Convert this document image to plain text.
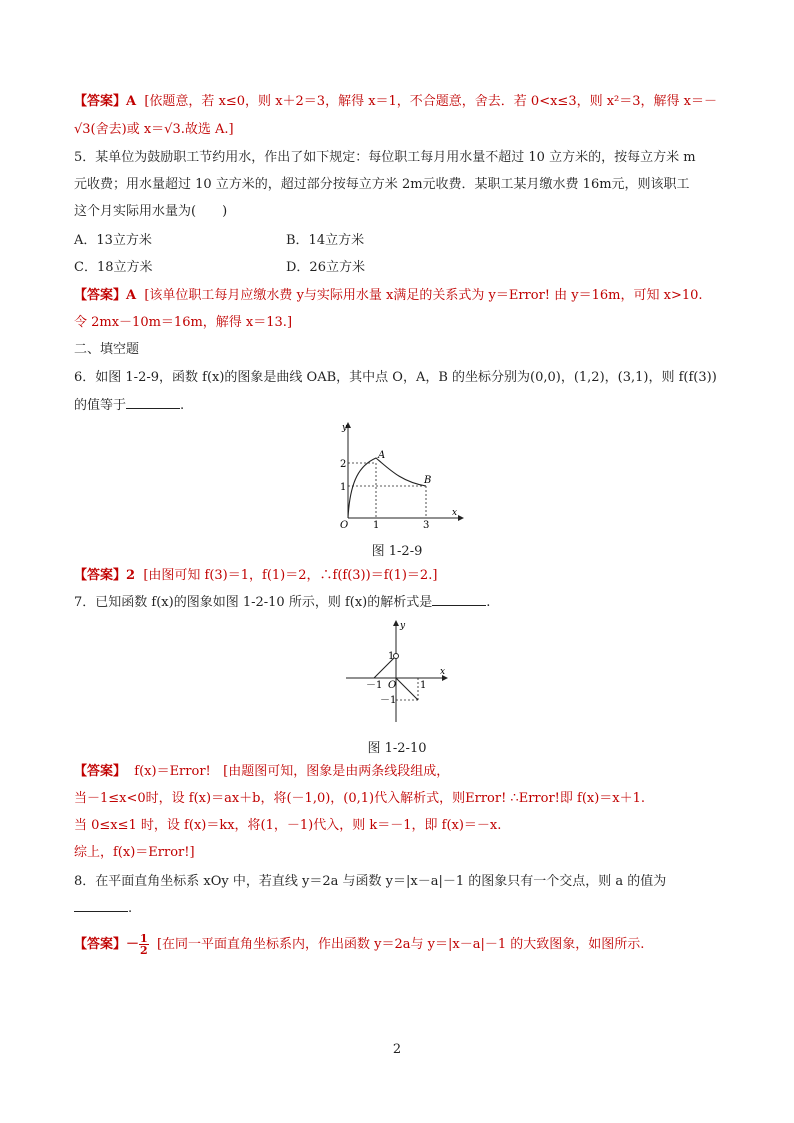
【答案】A [依题意，若 x≤0，则 x＋2＝3，解得 x＝1，不合题意，舍去．若 0<x≤3，则 x²＝3，解得 x＝－
√3(舍去)或 x＝√3.故选 A.]
5．某单位为鼓励职工节约用水，作出了如下规定：每位职工每月用水量不超过 10 立方米的，按每立方米 m
元收费；用水量超过 10 立方米的，超过部分按每立方米 2m元收费．某职工某月缴水费 16m元，则该职工
这个月实际用水量为(　　)
A．13立方米	B．14立方米
C．18立方米	D．26立方米
【答案】A [该单位职工每月应缴水费 y与实际用水量 x满足的关系式为 y＝Error! 由 y＝16m，可知 x>10.
令 2mx－10m＝16m，解得 x＝13.]
二、填空题
6．如图 1-2-9，函数 f(x)的图象是曲线 OAB，其中点 O，A，B 的坐标分别为(0,0)，(1,2)，(3,1)，则 f(f(3))
的值等于	.
y
x
O 1	3
1
2
A
B
图 1-2-9
【答案】2 [由图可知 f(3)＝1，f(1)＝2，∴f(f(3))＝f(1)＝2.]
7．已知函数 f(x)的图象如图 1-2-10 所示，则 f(x)的解析式是	.
y
x
1
－1 O 1
－1
图 1-2-10
【答案】 f(x)＝Error! [由题图可知，图象是由两条线段组成，
当－1≤x<0时，设 f(x)＝ax＋b，将(－1,0)，(0,1)代入解析式，则Error! ∴Error!即 f(x)＝x＋1.
当 0≤x≤1 时，设 f(x)＝kx，将(1，－1)代入，则 k＝－1，即 f(x)＝－x.
综上，f(x)＝Error!]
8．在平面直角坐标系 xOy 中，若直线 y＝2a 与函数 y＝|x－a|－1 的图象只有一个交点，则 a 的值为
.
【答案】－ $\frac{1}{2}$ [在同一平面直角坐标系内，作出函数 y＝2a与 y＝|x－a|－1 的大致图象，如图所示.
2
